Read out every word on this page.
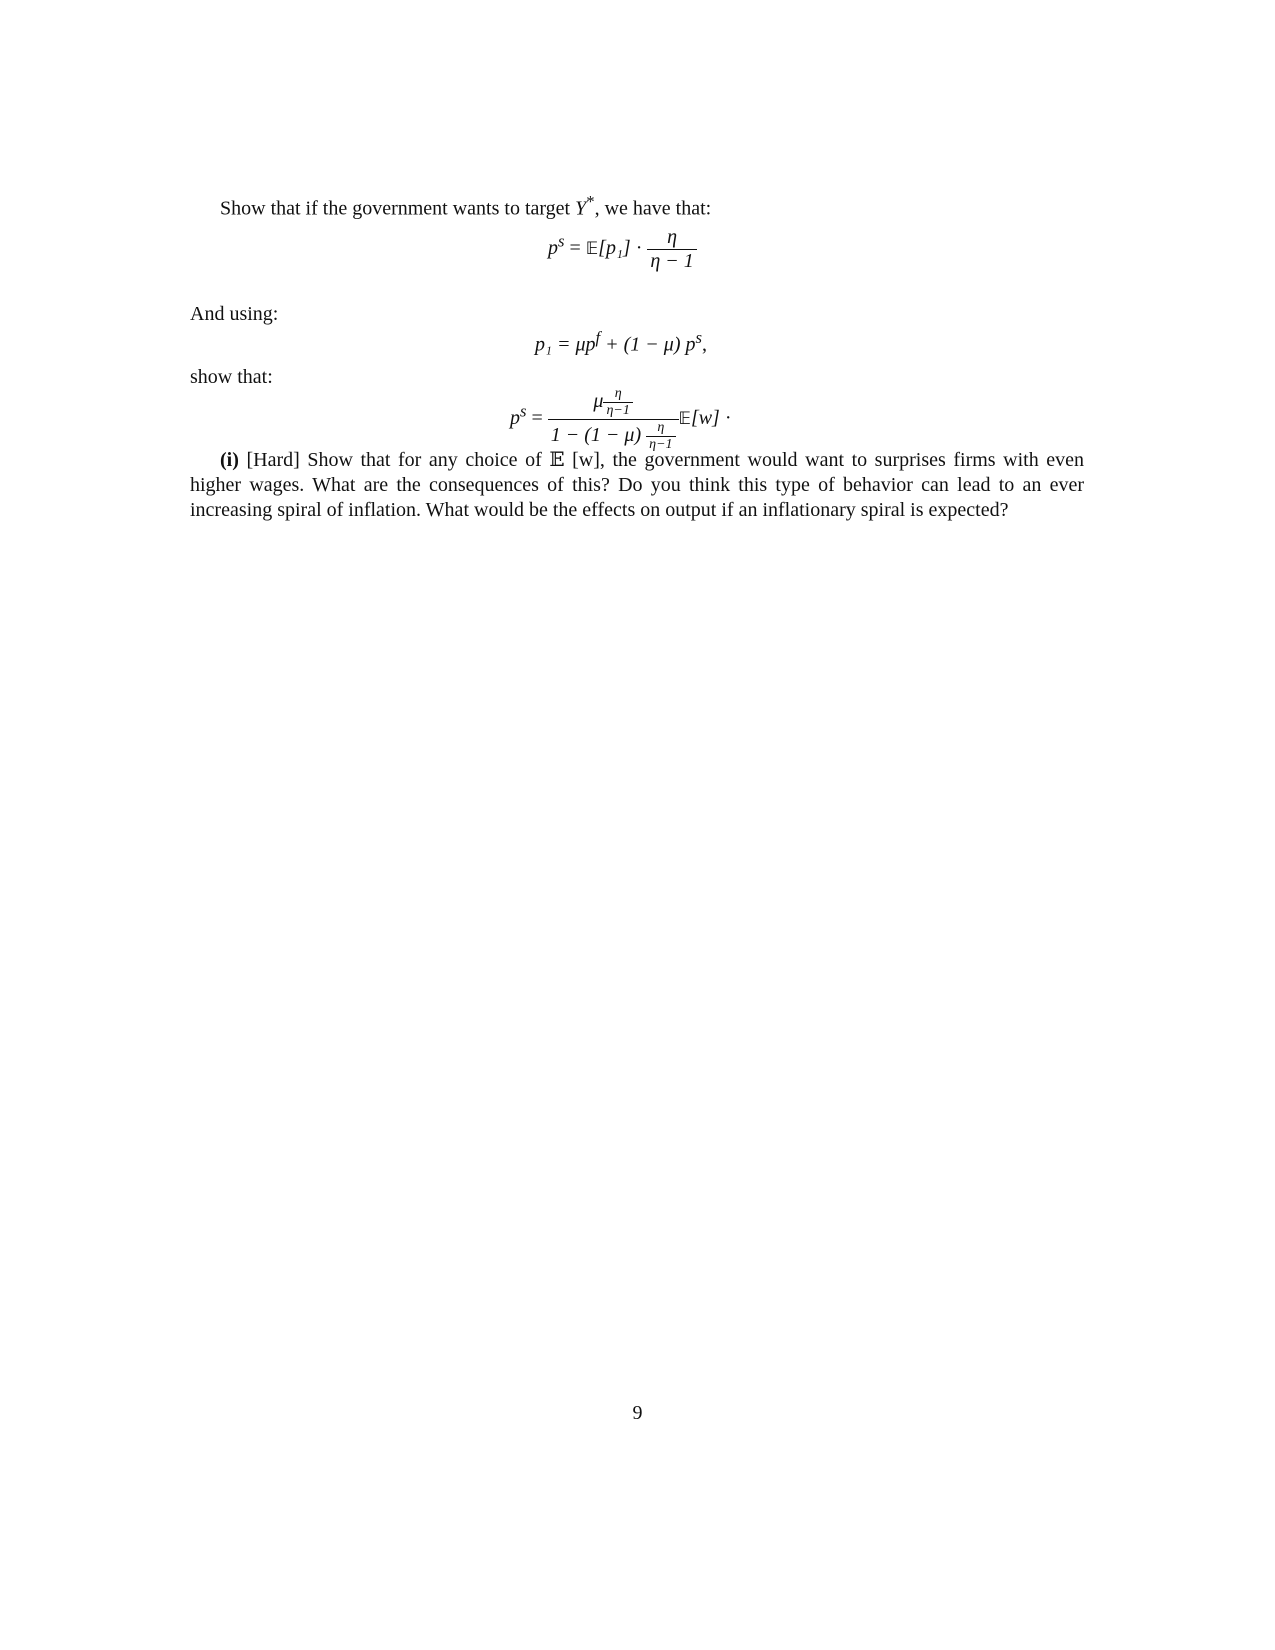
Show that if the government wants to target Y*, we have that:
$p^s$ = 𝔼[p₁] · $\frac{\eta}{\eta - 1}$
And using:
$p_1 = \mu p^f + (1 - \mu)$ $p^s$,
show that:
$p^s = \frac{\mu \frac{\eta}{\eta-1}}{1 - (1 - \mu) \frac{\eta}{\eta-1}}$ 𝔼[w] ·
(i) [Hard] Show that for any choice of 𝔼 [w], the government would want to surprises firms with even higher wages. What are the consequences of this? Do you think this type of behavior can lead to an ever increasing spiral of inflation. What would be the effects on output if an inflationary spiral is expected?
9
